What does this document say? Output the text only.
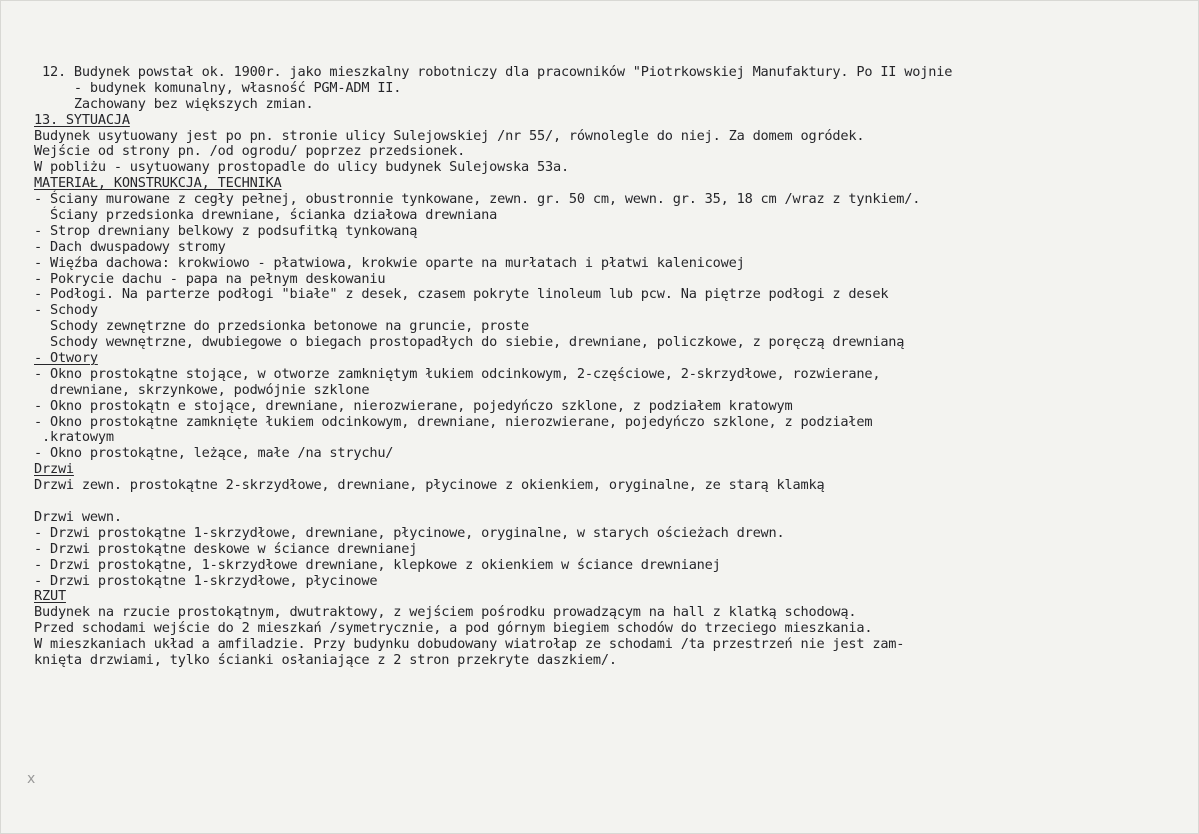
12. Budynek powstał ok. 1900r. jako mieszkalny robotniczy dla pracowników "Piotrkowskiej Manufaktury. Po II wojnie
- budynek komunalny, własność PGM-ADM II.
Zachowany bez większych zmian.
13. SYTUACJA
Budynek usytuowany jest po pn. stronie ulicy Sulejowskiej /nr 55/, równolegle do niej. Za domem ogródek.
Wejście od strony pn. /od ogrodu/ poprzez przedsionek.
W pobliżu - usytuowany prostopadle do ulicy budynek Sulejowska 53a.
MATERIAŁ, KONSTRUKCJA, TECHNIKA
- Ściany murowane z cegły pełnej, obustronnie tynkowane, zewn. gr. 50 cm, wewn. gr. 35, 18 cm /wraz z tynkiem/.
Ściany przedsionka drewniane, ścianka działowa drewniana
- Strop drewniany belkowy z podsufitką tynkowaną
- Dach dwuspadowy stromy
- Więźba dachowa: krokwiowo - płatwiowa, krokwie oparte na murłatach i płatwi kalenicowej
- Pokrycie dachu - papa na pełnym deskowaniu
- Podłogi. Na parterze podłogi "białe" z desek, czasem pokryte linoleum lub pcw. Na piętrze podłogi z desek
- Schody
Schody zewnętrzne do przedsionka betonowe na gruncie, proste
Schody wewnętrzne, dwubiegowe o biegach prostopadłych do siebie, drewniane, policzkowe, z poręczą drewnianą
- Otwory
- Okno prostokątne stojące, w otworze zamkniętym łukiem odcinkowym, 2-częściowe, 2-skrzydłowe, rozwierane,
drewniane, skrzynkowe, podwójnie szklone
- Okno prostokątn e stojące, drewniane, nierozwierane, pojedyńczo szklone, z podziałem kratowym
- Okno prostokątne zamknięte łukiem odcinkowym, drewniane, nierozwierane, pojedyńczo szklone, z podziałem
.kratowym
- Okno prostokątne, leżące, małe /na strychu/
Drzwi
Drzwi zewn. prostokątne 2-skrzydłowe, drewniane, płycinowe z okienkiem, oryginalne, ze starą klamką
Drzwi wewn.
- Drzwi prostokątne 1-skrzydłowe, drewniane, płycinowe, oryginalne, w starych ościeżach drewn.
- Drzwi prostokątne deskowe w ściance drewnianej
- Drzwi prostokątne, 1-skrzydłowe drewniane, klepkowe z okienkiem w ściance drewnianej
- Drzwi prostokątne 1-skrzydłowe, płycinowe
RZUT
Budynek na rzucie prostokątnym, dwutraktowy, z wejściem pośrodku prowadzącym na hall z klatką schodową.
Przed schodami wejście do 2 mieszkań /symetrycznie, a pod górnym biegiem schodów do trzeciego mieszkania.
W mieszkaniach układ a amfiladzie. Przy budynku dobudowany wiatrołap ze schodami /ta przestrzeń nie jest zam-
knięta drzwiami, tylko ścianki osłaniające z 2 stron przekryte daszkiem/.
x
